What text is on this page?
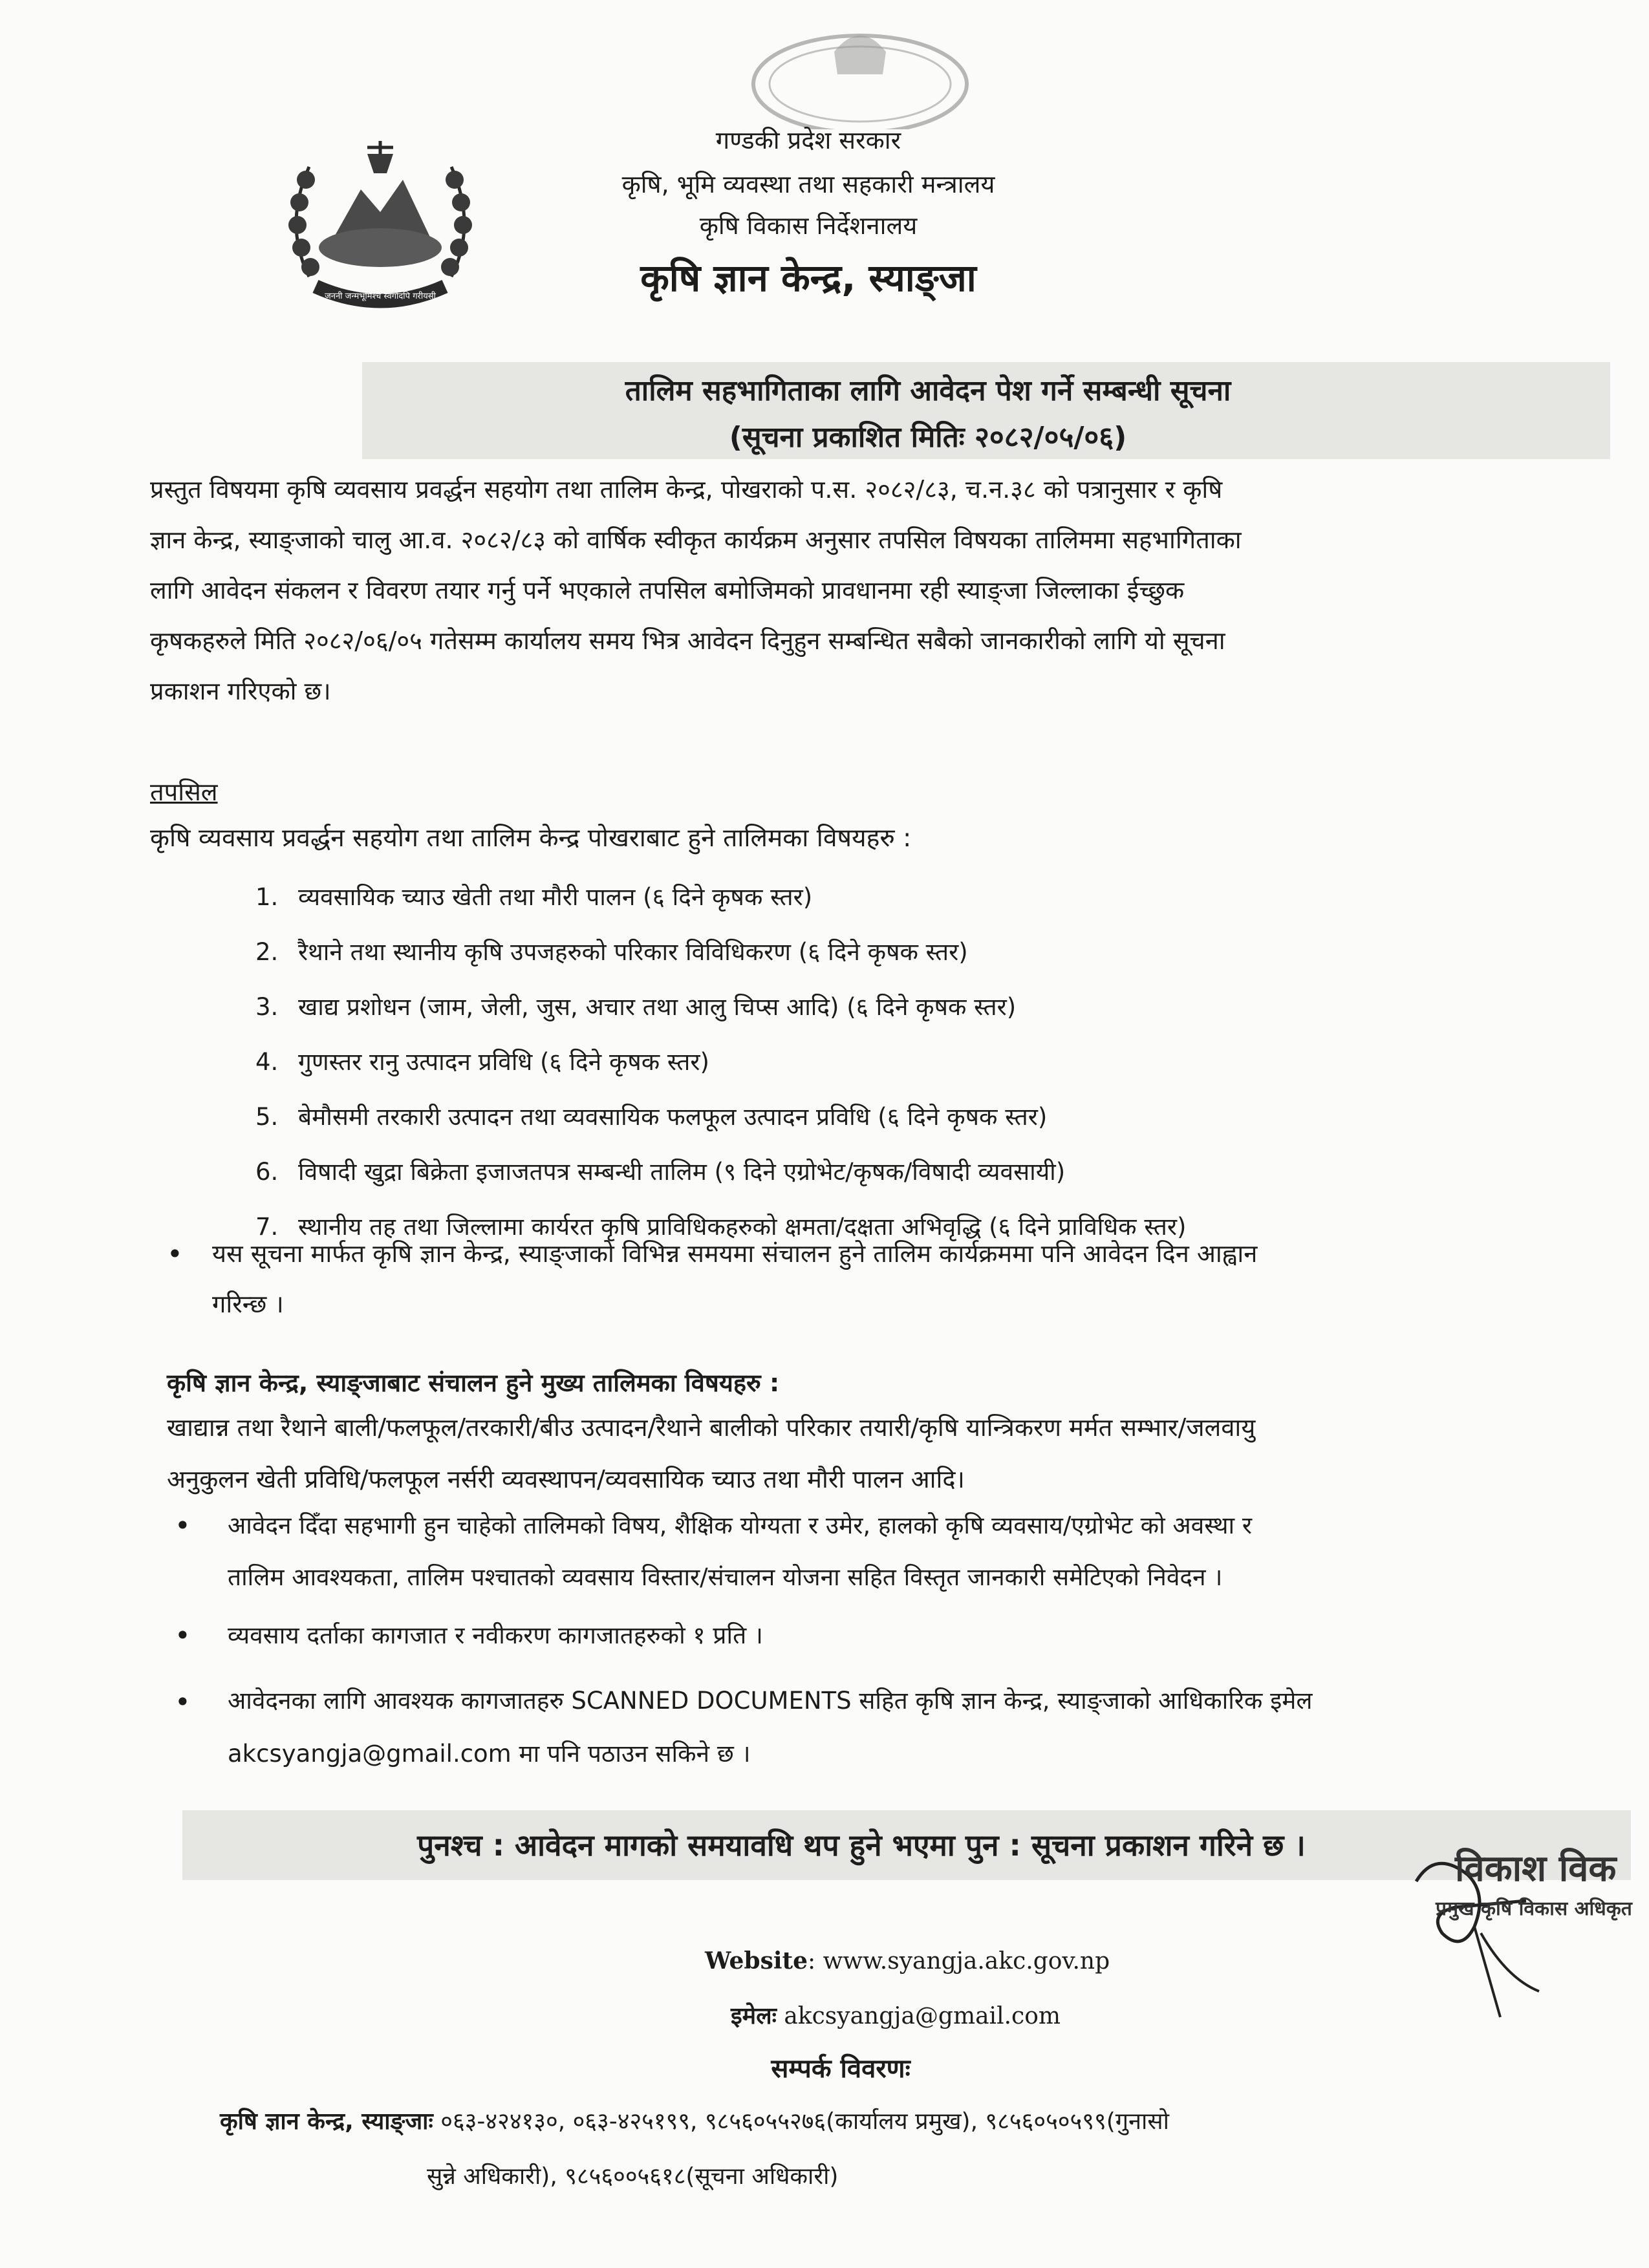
जननी जन्मभूमिश्च स्वर्गादपि गरीयसी
गण्डकी प्रदेश सरकार
कृषि, भूमि व्यवस्था तथा सहकारी मन्त्रालय
कृषि विकास निर्देशनालय
कृषि ज्ञान केन्द्र, स्याङ्जा
तालिम सहभागिताका लागि आवेदन पेश गर्ने सम्बन्धी सूचना
(सूचना प्रकाशित मितिः २०८२/०५/०६)
प्रस्तुत विषयमा कृषि व्यवसाय प्रवर्द्धन सहयोग तथा तालिम केन्द्र, पोखराको प.स. २०८२/८३, च.न.३८ को पत्रानुसार र कृषि
ज्ञान केन्द्र, स्याङ्जाको चालु आ.व. २०८२/८३ को वार्षिक स्वीकृत कार्यक्रम अनुसार तपसिल विषयका तालिममा सहभागिताका
लागि आवेदन संकलन र विवरण तयार गर्नु पर्ने भएकाले तपसिल बमोजिमको प्रावधानमा रही स्याङ्जा जिल्लाका ईच्छुक
कृषकहरुले मिति २०८२/०६/०५ गतेसम्म कार्यालय समय भित्र आवेदन दिनुहुन सम्बन्धित सबैको जानकारीको लागि यो सूचना
प्रकाशन गरिएको छ।
तपसिल
कृषि व्यवसाय प्रवर्द्धन सहयोग तथा तालिम केन्द्र पोखराबाट हुने तालिमका विषयहरु :
1. व्यवसायिक च्याउ खेती तथा मौरी पालन (६ दिने कृषक स्तर)
2. रैथाने तथा स्थानीय कृषि उपजहरुको परिकार विविधिकरण (६ दिने कृषक स्तर)
3. खाद्य प्रशोधन (जाम, जेली, जुस, अचार तथा आलु चिप्स आदि) (६ दिने कृषक स्तर)
4. गुणस्तर रानु उत्पादन प्रविधि (६ दिने कृषक स्तर)
5. बेमौसमी तरकारी उत्पादन तथा व्यवसायिक फलफूल उत्पादन प्रविधि (६ दिने कृषक स्तर)
6. विषादी खुद्रा बिक्रेता इजाजतपत्र सम्बन्धी तालिम (९ दिने एग्रोभेट/कृषक/विषादी व्यवसायी)
7. स्थानीय तह तथा जिल्लामा कार्यरत कृषि प्राविधिकहरुको क्षमता/दक्षता अभिवृद्धि (६ दिने प्राविधिक स्तर)
• यस सूचना मार्फत कृषि ज्ञान केन्द्र, स्याङ्जाको विभिन्न समयमा संचालन हुने तालिम कार्यक्रममा पनि आवेदन दिन आह्वान
गरिन्छ ।
कृषि ज्ञान केन्द्र, स्याङ्जाबाट संचालन हुने मुख्य तालिमका विषयहरु :
खाद्यान्न तथा रैथाने बाली/फलफूल/तरकारी/बीउ उत्पादन/रैथाने बालीको परिकार तयारी/कृषि यान्त्रिकरण मर्मत सम्भार/जलवायु
अनुकुलन खेती प्रविधि/फलफूल नर्सरी व्यवस्थापन/व्यवसायिक च्याउ तथा मौरी पालन आदि।
• आवेदन दिँदा सहभागी हुन चाहेको तालिमको विषय, शैक्षिक योग्यता र उमेर, हालको कृषि व्यवसाय/एग्रोभेट को अवस्था र
तालिम आवश्यकता, तालिम पश्चातको व्यवसाय विस्तार/संचालन योजना सहित विस्तृत जानकारी समेटिएको निवेदन ।
• व्यवसाय दर्ताका कागजात र नवीकरण कागजातहरुको १ प्रति ।
• आवेदनका लागि आवश्यक कागजातहरु SCANNED DOCUMENTS सहित कृषि ज्ञान केन्द्र, स्याङ्जाको आधिकारिक इमेल
akcsyangja@gmail.com मा पनि पठाउन सकिने छ ।
पुनश्च : आवेदन मागको समयावधि थप हुने भएमा पुन : सूचना प्रकाशन गरिने छ ।
विकाश विक
प्रमुख कृषि विकास अधिकृत
Website: www.syangja.akc.gov.np
इमेलः akcsyangja@gmail.com
सम्पर्क विवरणः
कृषि ज्ञान केन्द्र, स्याङ्जाः ०६३-४२४१३०, ०६३-४२५१९९, ९८५६०५५२७६(कार्यालय प्रमुख), ९८५६०५०५९९(गुनासो
सुन्ने अधिकारी), ९८५६००५६१८(सूचना अधिकारी)
